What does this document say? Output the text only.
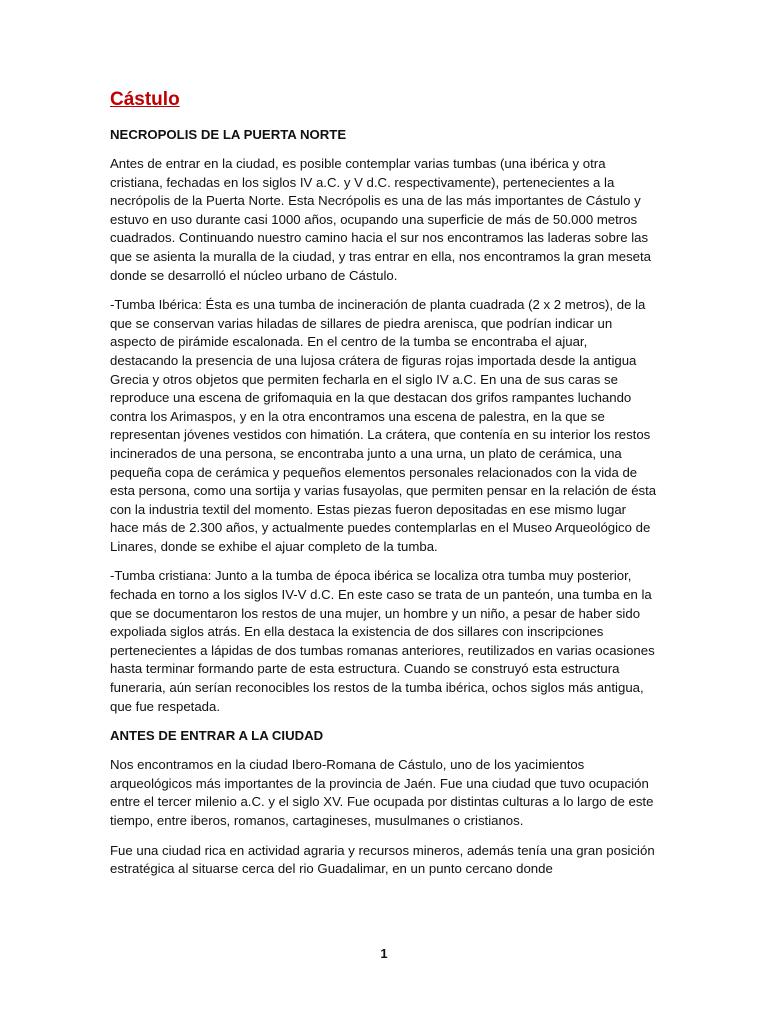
Cástulo
NECROPOLIS DE LA PUERTA NORTE

Antes de entrar en la ciudad, es posible contemplar varias tumbas (una ibérica y otra cristiana, fechadas en los siglos IV a.C. y V d.C. respectivamente), pertenecientes a la necrópolis de la Puerta Norte. Esta Necrópolis es una de las más importantes de Cástulo y estuvo en uso durante casi 1000 años, ocupando una superficie de más de 50.000 metros cuadrados. Continuando nuestro camino hacia el sur nos encontramos las laderas sobre las que se asienta la muralla de la ciudad, y tras entrar en ella, nos encontramos la gran meseta donde se desarrolló el núcleo urbano de Cástulo.

-Tumba Ibérica: Ésta es una tumba de incineración de planta cuadrada (2 x 2 metros), de la que se conservan varias hiladas de sillares de piedra arenisca, que podrían indicar un aspecto de pirámide escalonada. En el centro de la tumba se encontraba el ajuar, destacando la presencia de una lujosa crátera de figuras rojas importada desde la antigua Grecia y otros objetos que permiten fecharla en el siglo IV a.C. En una de sus caras se reproduce una escena de grifomaquia en la que destacan dos grifos rampantes luchando contra los Arimaspos, y en la otra encontramos una escena de palestra, en la que se representan jóvenes vestidos con himatión. La crátera, que contenía en su interior los restos incinerados de una persona, se encontraba junto a una urna, un plato de cerámica, una pequeña copa de cerámica y pequeños elementos personales relacionados con la vida de esta persona, como una sortija y varias fusayolas, que permiten pensar en la relación de ésta con la industria textil del momento. Estas piezas fueron depositadas en ese mismo lugar hace más de 2.300 años, y actualmente puedes contemplarlas en el Museo Arqueológico de Linares, donde se exhibe el ajuar completo de la tumba.

-Tumba cristiana: Junto a la tumba de época ibérica se localiza otra tumba muy posterior, fechada en torno a los siglos IV-V d.C. En este caso se trata de un panteón, una tumba en la que se documentaron los restos de una mujer, un hombre y un niño, a pesar de haber sido expoliada siglos atrás. En ella destaca la existencia de dos sillares con inscripciones pertenecientes a lápidas de dos tumbas romanas anteriores, reutilizados en varias ocasiones hasta terminar formando parte de esta estructura. Cuando se construyó esta estructura funeraria, aún serían reconocibles los restos de la tumba ibérica, ochos siglos más antigua, que fue respetada.

ANTES DE ENTRAR A LA CIUDAD

Nos encontramos en la ciudad Ibero-Romana de Cástulo, uno de los yacimientos arqueológicos más importantes de la provincia de Jaén. Fue una ciudad que tuvo ocupación entre el tercer milenio a.C. y el siglo XV. Fue ocupada por distintas culturas a lo largo de este tiempo, entre iberos, romanos, cartagineses, musulmanes o cristianos.

Fue una ciudad rica en actividad agraria y recursos mineros, además tenía una gran posición estratégica al situarse cerca del rio Guadalimar, en un punto cercano donde

1
